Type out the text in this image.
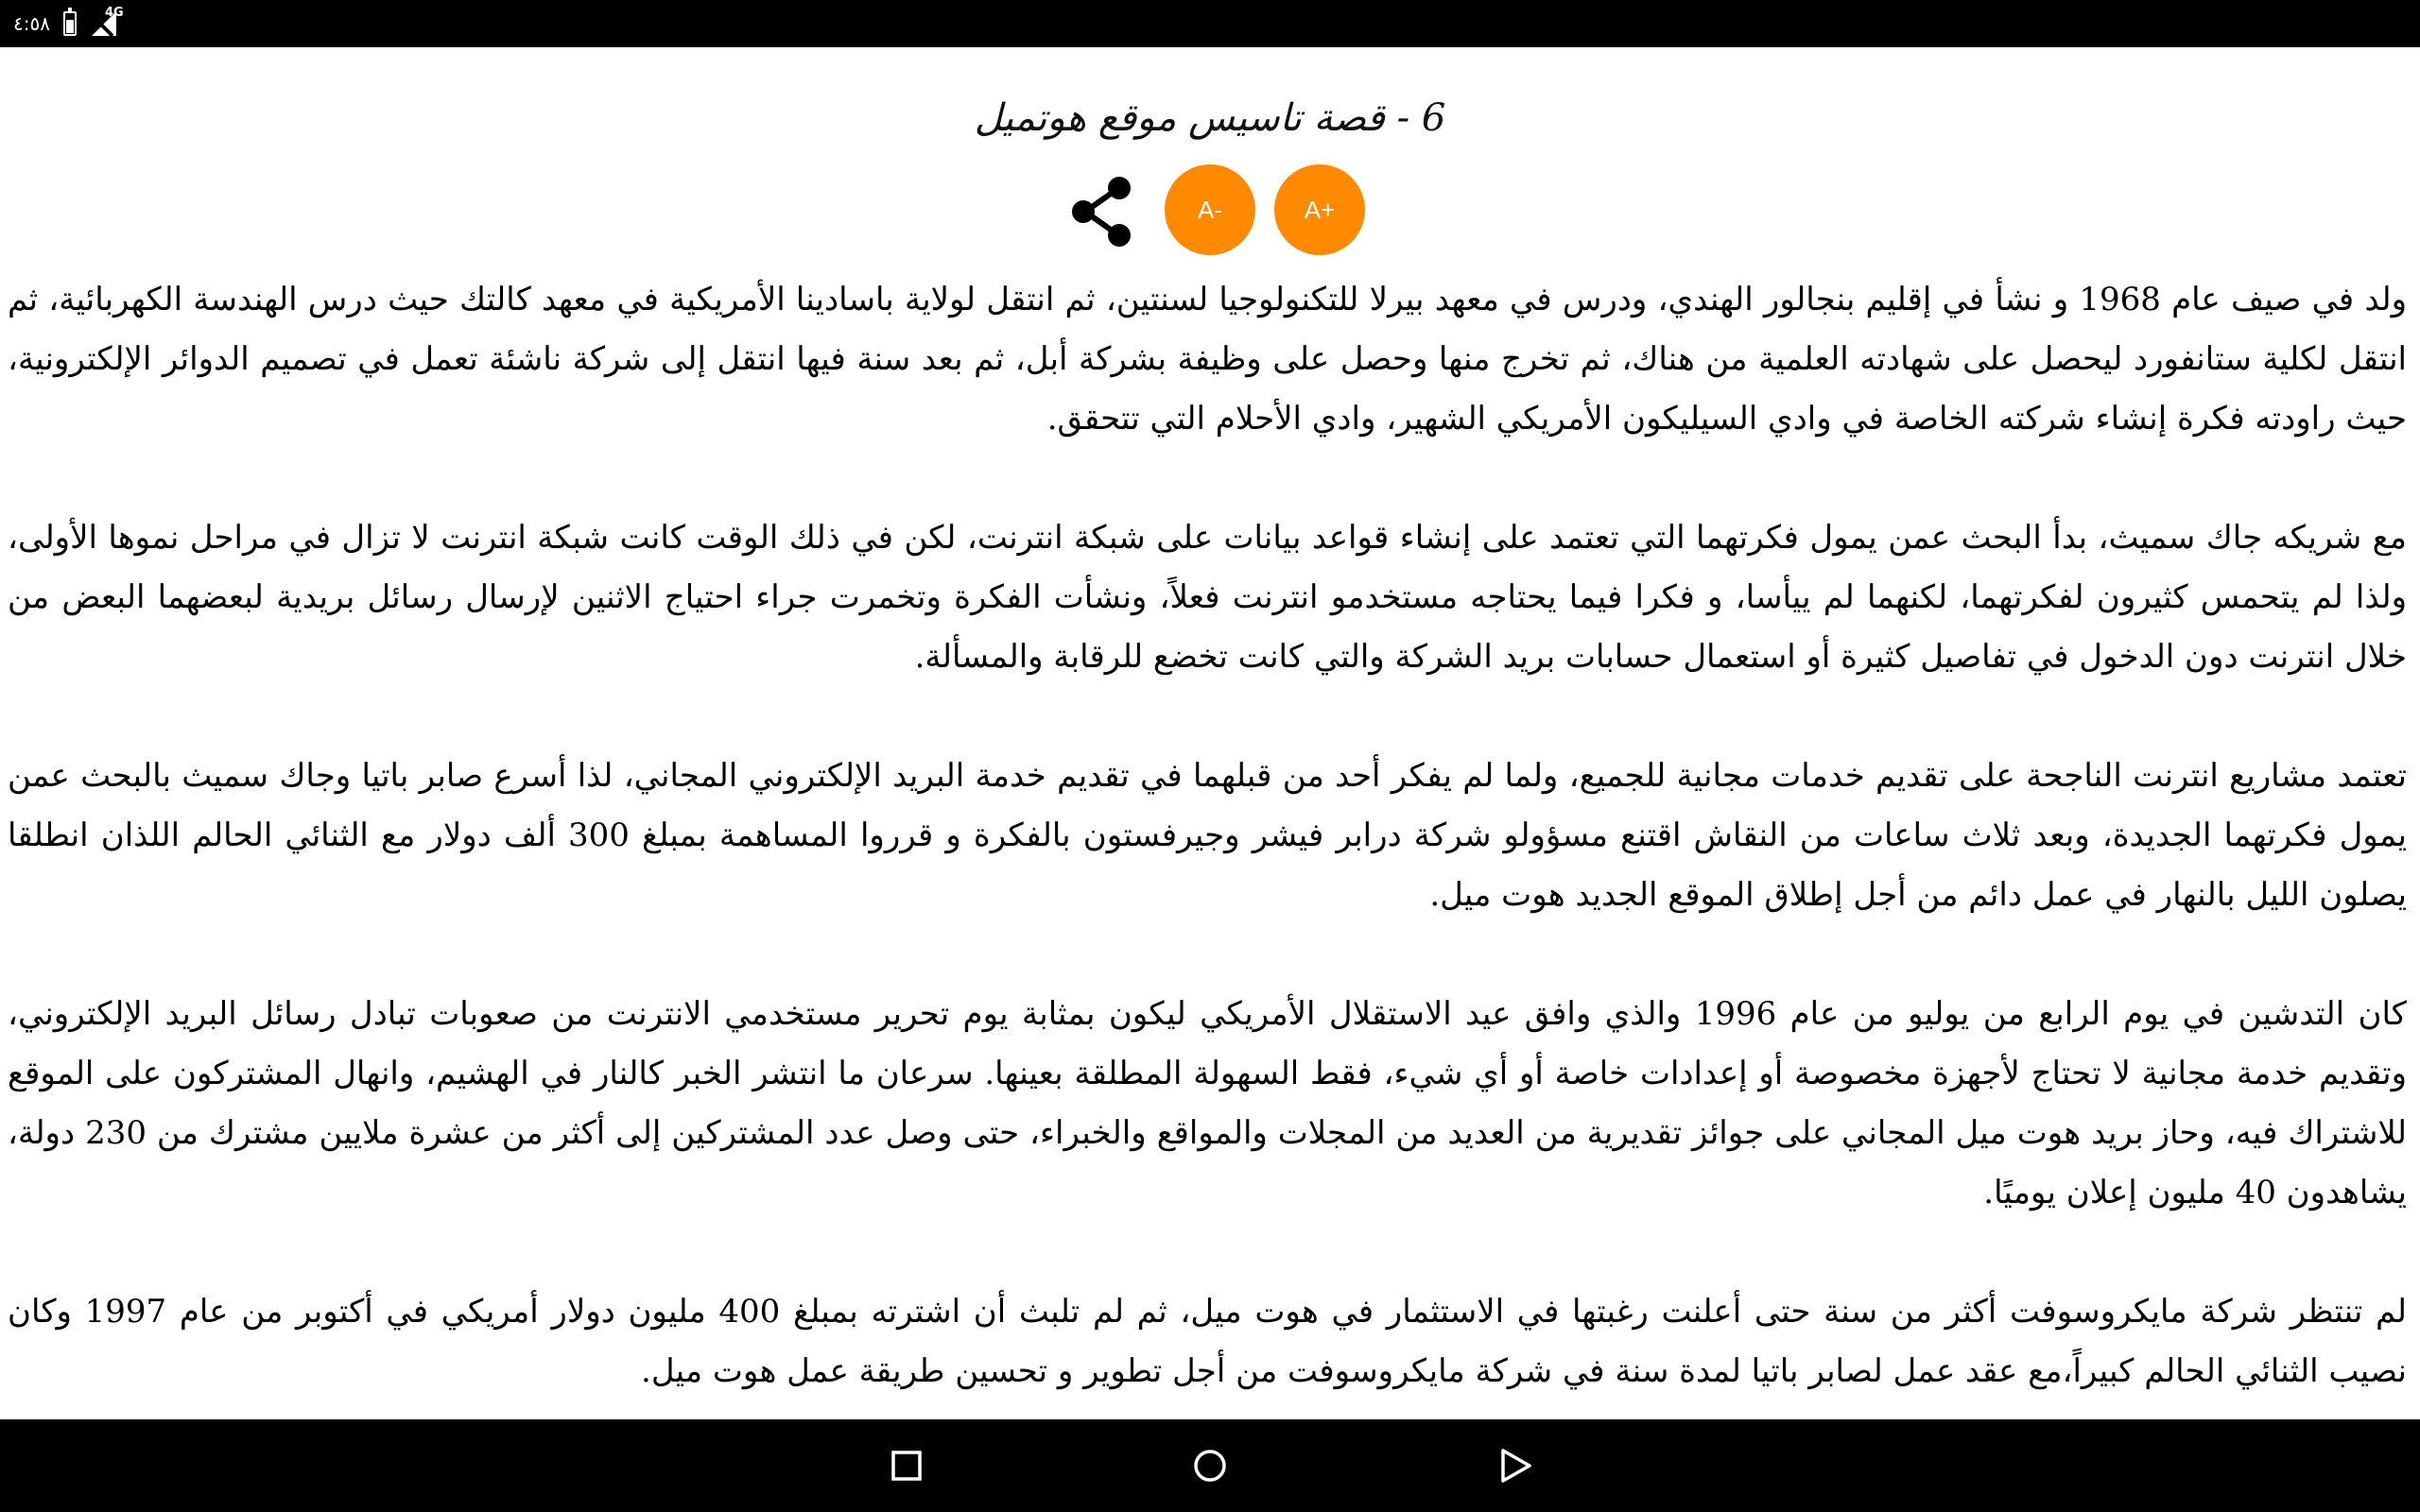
٤:٥٨	4G
6 - قصة تاسيس موقع هوتميل
A-	A+

ولد في صيف عام 1968 و نشأ في إقليم بنجالور الهندي، ودرس في معهد بيرلا للتكنولوجيا لسنتين، ثم انتقل لولاية باسادينا الأمريكية في معهد كالتك حيث درس الهندسة الكهربائية، ثم انتقل لكلية ستانفورد ليحصل على شهادته العلمية من هناك، ثم تخرج منها وحصل على وظيفة بشركة أبل، ثم بعد سنة فيها انتقل إلى شركة ناشئة تعمل في تصميم الدوائر الإلكترونية، حيث راودته فكرة إنشاء شركته الخاصة في وادي السيليكون الأمريكي الشهير، وادي الأحلام التي تتحقق.

مع شريكه جاك سميث، بدأ البحث عمن يمول فكرتهما التي تعتمد على إنشاء قواعد بيانات على شبكة انترنت، لكن في ذلك الوقت كانت شبكة انترنت لا تزال في مراحل نموها الأولى، ولذا لم يتحمس كثيرون لفكرتهما، لكنهما لم ييأسا، و فكرا فيما يحتاجه مستخدمو انترنت فعلاً، ونشأت الفكرة وتخمرت جراء احتياج الاثنين لإرسال رسائل بريدية لبعضهما البعض من خلال انترنت دون الدخول في تفاصيل كثيرة أو استعمال حسابات بريد الشركة والتي كانت تخضع للرقابة والمسألة.

تعتمد مشاريع انترنت الناجحة على تقديم خدمات مجانية للجميع، ولما لم يفكر أحد من قبلهما في تقديم خدمة البريد الإلكتروني المجاني، لذا أسرع صابر باتيا وجاك سميث بالبحث عمن يمول فكرتهما الجديدة، وبعد ثلاث ساعات من النقاش اقتنع مسؤولو شركة درابر فيشر وجيرفستون بالفكرة و قرروا المساهمة بمبلغ 300 ألف دولار مع الثنائي الحالم اللذان انطلقا يصلون الليل بالنهار في عمل دائم من أجل إطلاق الموقع الجديد هوت ميل.

كان التدشين في يوم الرابع من يوليو من عام 1996 والذي وافق عيد الاستقلال الأمريكي ليكون بمثابة يوم تحرير مستخدمي الانترنت من صعوبات تبادل رسائل البريد الإلكتروني، وتقديم خدمة مجانية لا تحتاج لأجهزة مخصوصة أو إعدادات خاصة أو أي شيء، فقط السهولة المطلقة بعينها. سرعان ما انتشر الخبر كالنار في الهشيم، وانهال المشتركون على الموقع للاشتراك فيه، وحاز بريد هوت ميل المجاني على جوائز تقديرية من العديد من المجلات والمواقع والخبراء، حتى وصل عدد المشتركين إلى أكثر من عشرة ملايين مشترك من 230 دولة، يشاهدون 40 مليون إعلان يوميًا.

لم تنتظر شركة مايكروسوفت أكثر من سنة حتى أعلنت رغبتها في الاستثمار في هوت ميل، ثم لم تلبث أن اشترته بمبلغ 400 مليون دولار أمريكي في أكتوبر من عام 1997 وكان نصيب الثنائي الحالم كبيراً،مع عقد عمل لصابر باتيا لمدة سنة في شركة مايكروسوفت من أجل تطوير و تحسين طريقة عمل هوت ميل.
